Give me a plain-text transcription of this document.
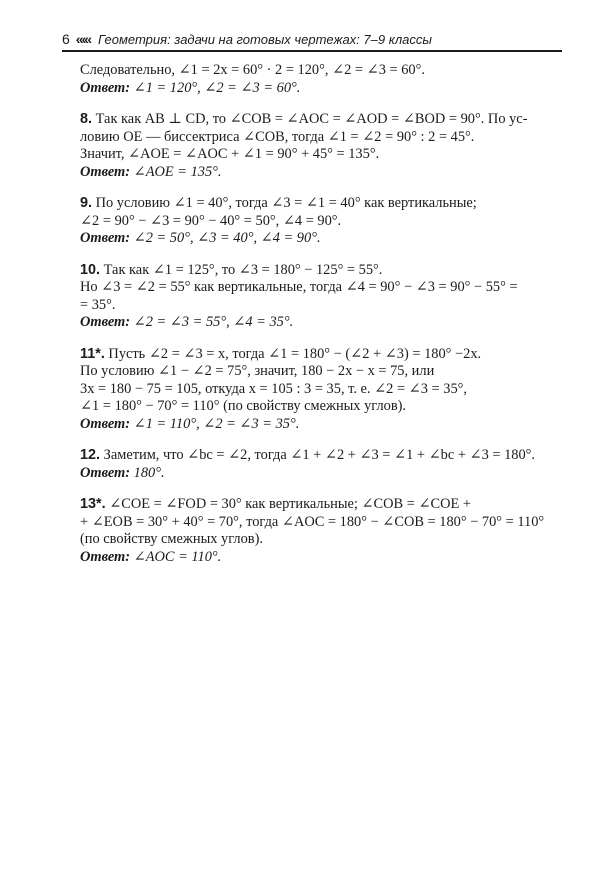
6 «‹« Геометрия: задачи на готовых чертежах: 7–9 классы
Следовательно, ∠1 = 2x = 60° · 2 = 120°, ∠2 = ∠3 = 60°.
Ответ: ∠1 = 120°, ∠2 = ∠3 = 60°.
8. Так как AB ⊥ CD, то ∠COB = ∠AOC = ∠AOD = ∠BOD = 90°. По ус-
ловию OE — биссектриса ∠COB, тогда ∠1 = ∠2 = 90° : 2 = 45°.
Значит, ∠AOE = ∠AOC + ∠1 = 90° + 45° = 135°.
Ответ: ∠AOE = 135°.
9. По условию ∠1 = 40°, тогда ∠3 = ∠1 = 40° как вертикальные;
∠2 = 90° − ∠3 = 90° − 40° = 50°, ∠4 = 90°.
Ответ: ∠2 = 50°, ∠3 = 40°, ∠4 = 90°.
10. Так как ∠1 = 125°, то ∠3 = 180° − 125° = 55°.
Но ∠3 = ∠2 = 55° как вертикальные, тогда ∠4 = 90° − ∠3 = 90° − 55° =
= 35°.
Ответ: ∠2 = ∠3 = 55°, ∠4 = 35°.
11*. Пусть ∠2 = ∠3 = x, тогда ∠1 = 180° − (∠2 + ∠3) = 180° −2x.
По условию ∠1 − ∠2 = 75°, значит, 180 − 2x − x = 75, или
3x = 180 − 75 = 105, откуда x = 105 : 3 = 35, т. е. ∠2 = ∠3 = 35°,
∠1 = 180° − 70° = 110° (по свойству смежных углов).
Ответ: ∠1 = 110°, ∠2 = ∠3 = 35°.
12. Заметим, что ∠bc = ∠2, тогда ∠1 + ∠2 + ∠3 = ∠1 + ∠bc + ∠3 = 180°.
Ответ: 180°.
13*. ∠COE = ∠FOD = 30° как вертикальные; ∠COB = ∠COE +
+ ∠EOB = 30° + 40° = 70°, тогда ∠AOC = 180° − ∠COB = 180° − 70° = 110°
(по свойству смежных углов).
Ответ: ∠AOC = 110°.
